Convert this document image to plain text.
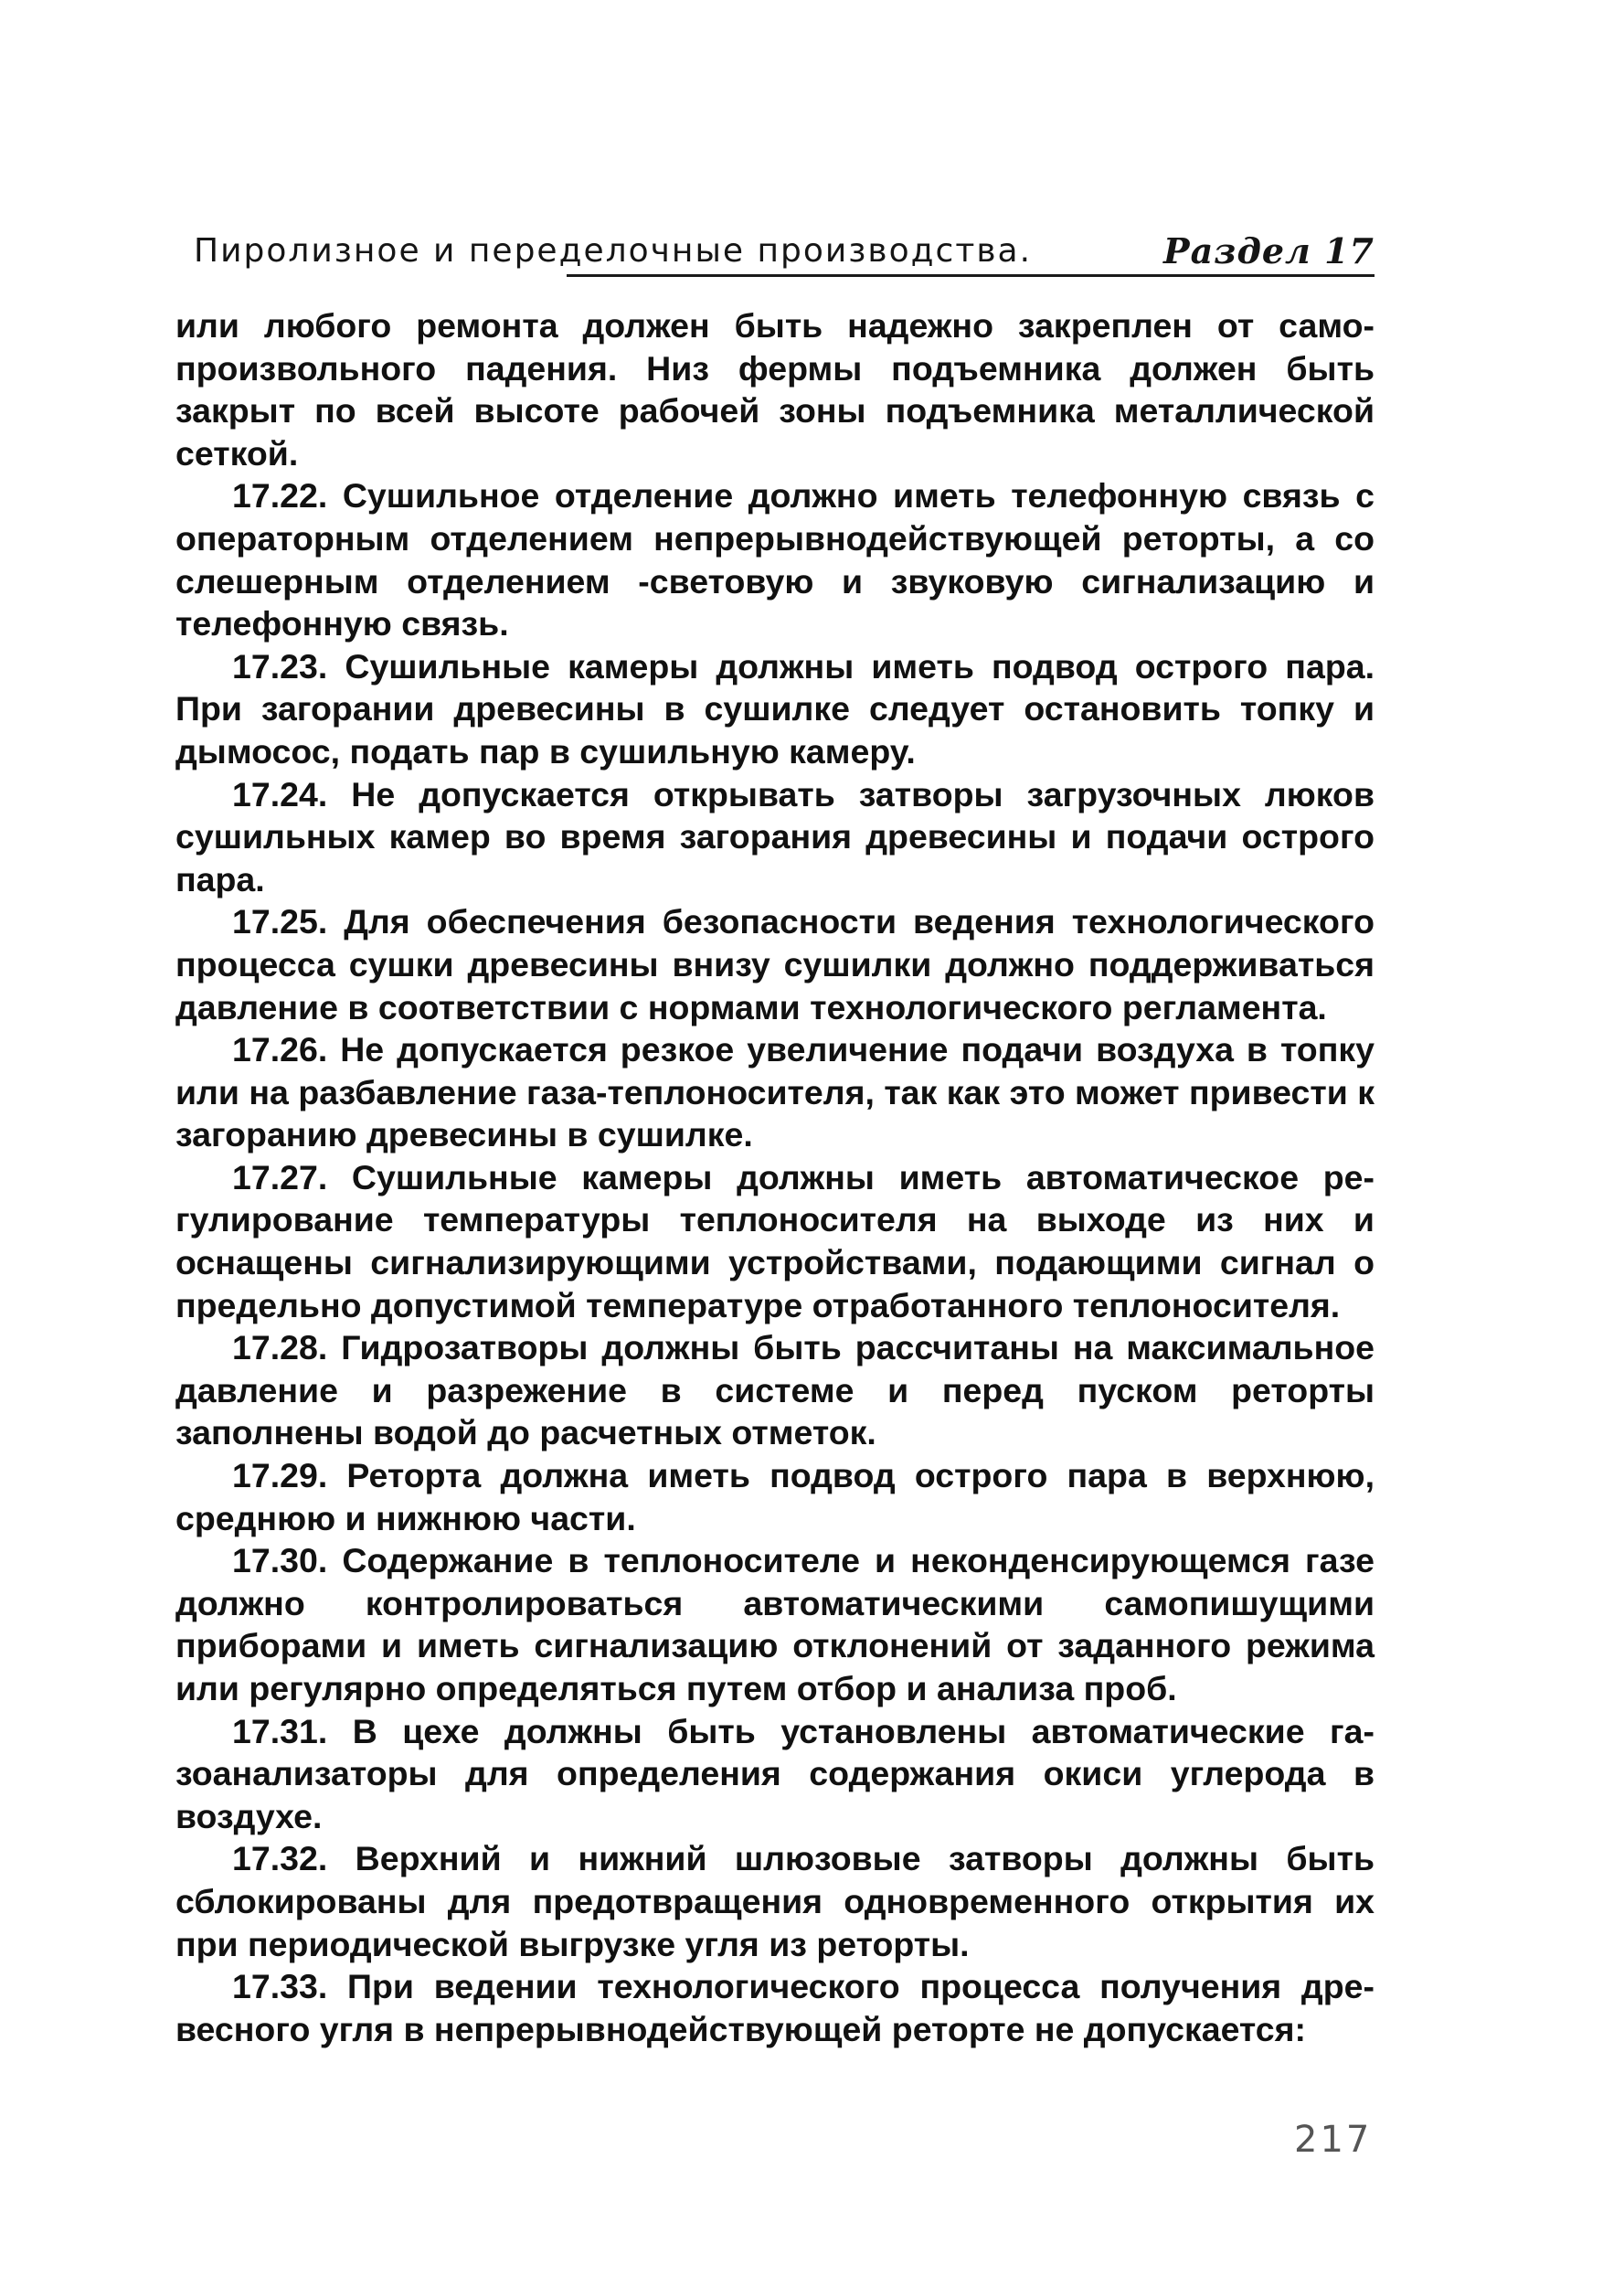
Пиролизное и переделочные производства.	Раздел 17

или любого ремонта должен быть надежно закреплен от самопроизвольного падения. Низ фермы подъемника должен быть закрыт по всей высоте рабочей зоны подъемника металлической сеткой.

17.22. Сушильное отделение должно иметь телефонную связь с операторным отделением непрерывнодействующей реторты, а со слешерным отделением -световую и звуковую сигнализацию и телефонную связь.

17.23. Сушильные камеры должны иметь подвод острого пара. При загорании древесины в сушилке следует остановить топку и дымосос, подать пар в сушильную камеру.

17.24. Не допускается открывать затворы загрузочных люков сушильных камер во время загорания древесины и подачи острого пара.

17.25. Для обеспечения безопасности ведения технологического процесса сушки древесины внизу сушилки должно поддерживаться давление в соответствии с нормами технологического регламента.

17.26. Не допускается резкое увеличение подачи воздуха в топку или на разбавление газа-теплоносителя, так как это может привести к загоранию древесины в сушилке.

17.27. Сушильные камеры должны иметь автоматическое регулирование температуры теплоносителя на выходе из них и оснащены сигнализирующими устройствами, подающими сигнал о предельно допустимой температуре отработанного теплоносителя.

17.28. Гидрозатворы должны быть рассчитаны на максимальное давление и разрежение в системе и перед пуском реторты заполнены водой до расчетных отметок.

17.29. Реторта должна иметь подвод острого пара в верхнюю, среднюю и нижнюю части.

17.30. Содержание в теплоносителе и неконденсирующемся газе должно контролироваться автоматическими самопишущими приборами и иметь сигнализацию отклонений от заданного режима или регулярно определяться путем отбор и анализа проб.

17.31. В цехе должны быть установлены автоматические газоанализаторы для определения содержания окиси углерода в воздухе.

17.32. Верхний и нижний шлюзовые затворы должны быть сблокированы для предотвращения одновременного открытия их при периодической выгрузке угля из реторты.

17.33. При ведении технологического процесса получения древесного угля в непрерывнодействующей реторте не допускается:

217
